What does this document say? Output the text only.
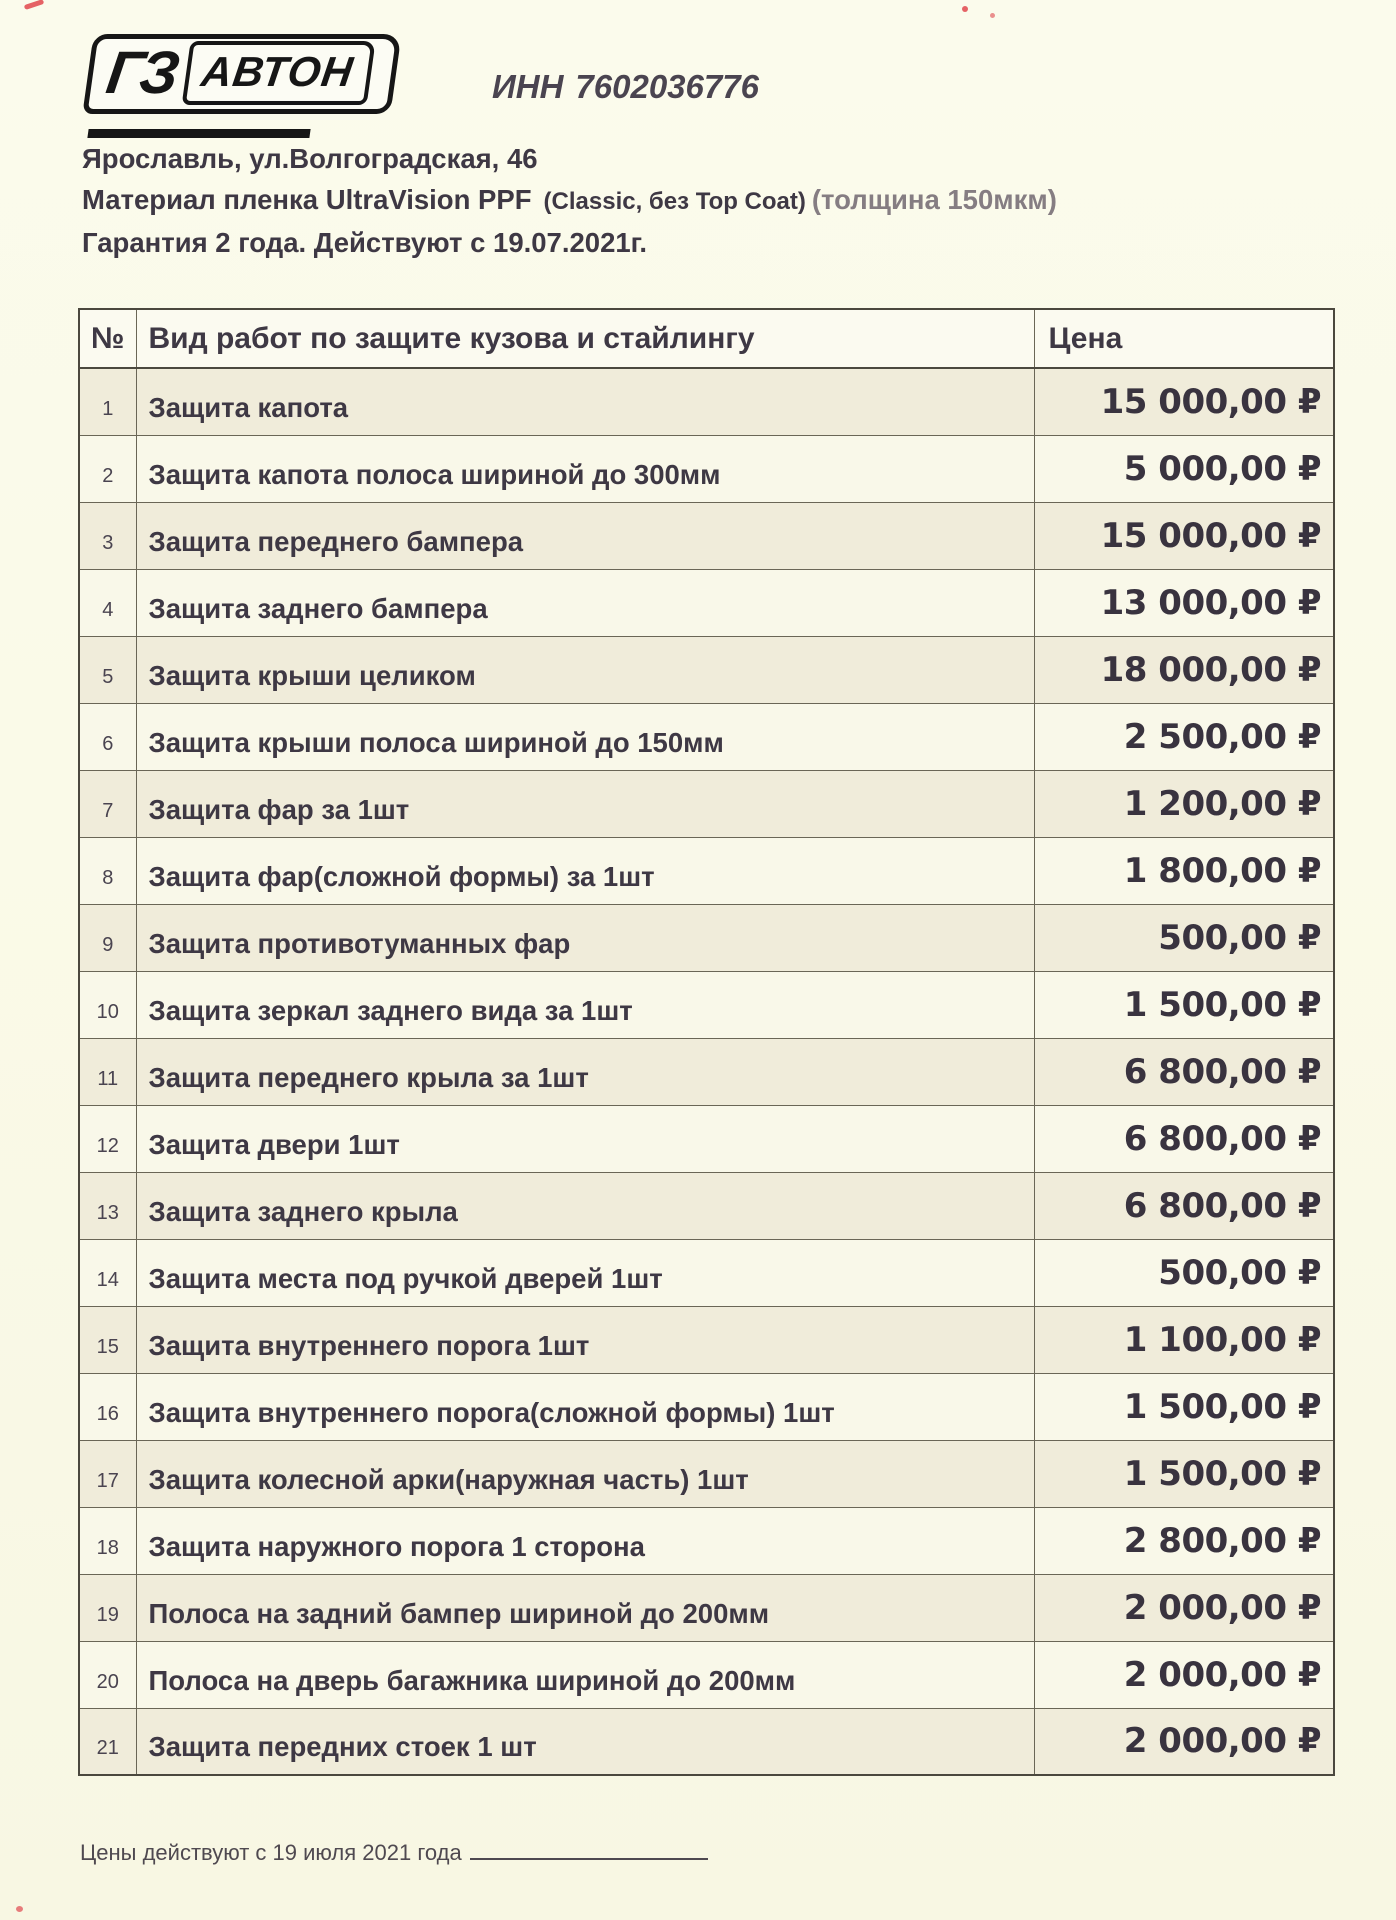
ГЗ АВТОН	ИНН 7602036776
Ярославль, ул.Волгоградская, 46
Материал пленка UltraVision PPF (Classic, без Top Coat) (толщина 150мкм)
Гарантия 2 года. Действуют с 19.07.2021г.
№	Вид работ по защите кузова и стайлингу	Цена
1	Защита капота	15 000,00 ₽
2	Защита капота полоса шириной до 300мм	5 000,00 ₽
3	Защита переднего бампера	15 000,00 ₽
4	Защита заднего бампера	13 000,00 ₽
5	Защита крыши целиком	18 000,00 ₽
6	Защита крыши полоса шириной до 150мм	2 500,00 ₽
7	Защита фар за 1шт	1 200,00 ₽
8	Защита фар(сложной формы) за 1шт	1 800,00 ₽
9	Защита противотуманных фар	500,00 ₽
10	Защита зеркал заднего вида за 1шт	1 500,00 ₽
11	Защита переднего крыла за 1шт	6 800,00 ₽
12	Защита двери 1шт	6 800,00 ₽
13	Защита заднего крыла	6 800,00 ₽
14	Защита места под ручкой дверей 1шт	500,00 ₽
15	Защита внутреннего порога 1шт	1 100,00 ₽
16	Защита внутреннего порога(сложной формы) 1шт	1 500,00 ₽
17	Защита колесной арки(наружная часть) 1шт	1 500,00 ₽
18	Защита наружного порога 1 сторона	2 800,00 ₽
19	Полоса на задний бампер шириной до 200мм	2 000,00 ₽
20	Полоса на дверь багажника шириной до 200мм	2 000,00 ₽
21	Защита передних стоек 1 шт	2 000,00 ₽
Цены действуют с 19 июля 2021 года
